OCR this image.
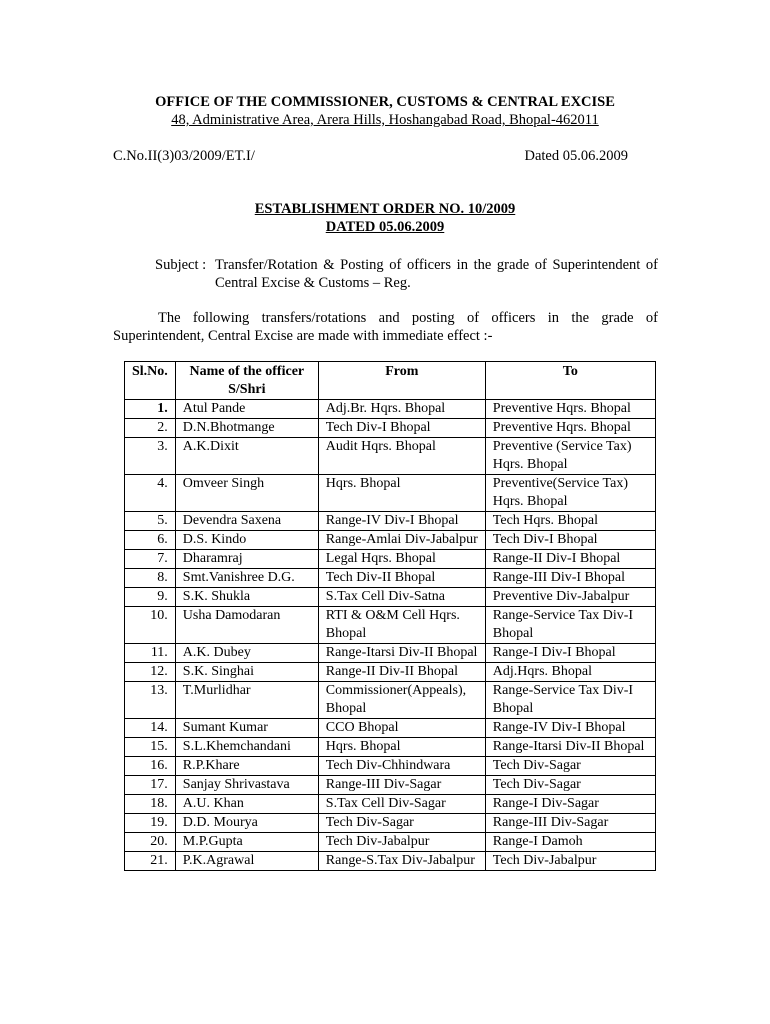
OFFICE OF THE COMMISSIONER, CUSTOMS & CENTRAL EXCISE
48, Administrative Area, Arera Hills, Hoshangabad Road, Bhopal-462011
C.No.II(3)03/2009/ET.I/	Dated 05.06.2009
ESTABLISHMENT ORDER NO. 10/2009
DATED 05.06.2009
Subject : Transfer/Rotation & Posting of officers in the grade of Superintendent of Central Excise & Customs – Reg.
The following transfers/rotations and posting of officers in the grade of Superintendent, Central Excise are made with immediate effect :-
Sl.No.	Name of the officer S/Shri	From	To
1.	Atul Pande	Adj.Br. Hqrs. Bhopal	Preventive Hqrs. Bhopal
2.	D.N.Bhotmange	Tech Div-I Bhopal	Preventive Hqrs. Bhopal
3.	A.K.Dixit	Audit Hqrs. Bhopal	Preventive (Service Tax) Hqrs. Bhopal
4.	Omveer Singh	Hqrs. Bhopal	Preventive(Service Tax) Hqrs. Bhopal
5.	Devendra Saxena	Range-IV Div-I Bhopal	Tech Hqrs. Bhopal
6.	D.S. Kindo	Range-Amlai Div-Jabalpur	Tech Div-I Bhopal
7.	Dharamraj	Legal Hqrs. Bhopal	Range-II Div-I Bhopal
8.	Smt.Vanishree D.G.	Tech Div-II Bhopal	Range-III Div-I Bhopal
9.	S.K. Shukla	S.Tax Cell Div-Satna	Preventive Div-Jabalpur
10.	Usha Damodaran	RTI & O&M Cell Hqrs. Bhopal	Range-Service Tax Div-I Bhopal
11.	A.K. Dubey	Range-Itarsi Div-II Bhopal	Range-I Div-I Bhopal
12.	S.K. Singhai	Range-II Div-II Bhopal	Adj.Hqrs. Bhopal
13.	T.Murlidhar	Commissioner(Appeals), Bhopal	Range-Service Tax Div-I Bhopal
14.	Sumant Kumar	CCO Bhopal	Range-IV Div-I Bhopal
15.	S.L.Khemchandani	Hqrs. Bhopal	Range-Itarsi Div-II Bhopal
16.	R.P.Khare	Tech Div-Chhindwara	Tech Div-Sagar
17.	Sanjay Shrivastava	Range-III Div-Sagar	Tech Div-Sagar
18.	A.U. Khan	S.Tax Cell Div-Sagar	Range-I Div-Sagar
19.	D.D. Mourya	Tech Div-Sagar	Range-III Div-Sagar
20.	M.P.Gupta	Tech Div-Jabalpur	Range-I Damoh
21.	P.K.Agrawal	Range-S.Tax Div-Jabalpur	Tech Div-Jabalpur
